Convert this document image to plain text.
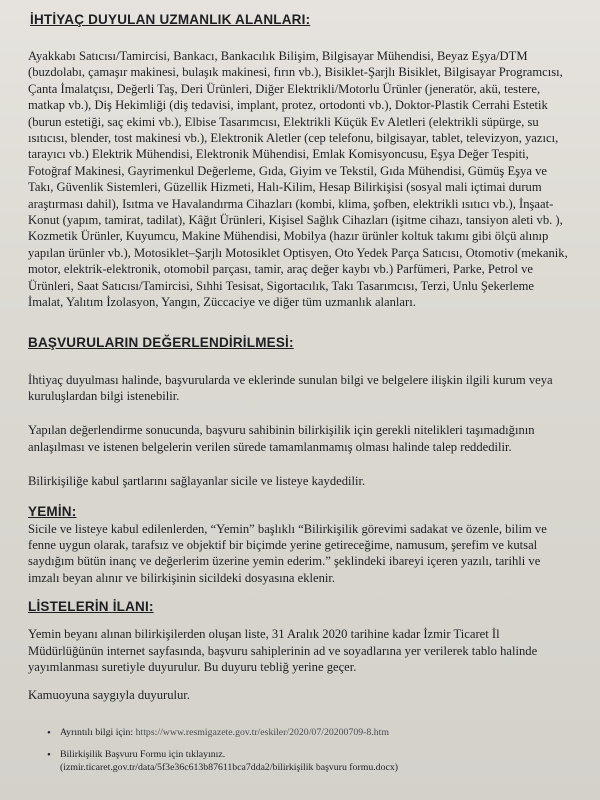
İHTİYAÇ DUYULAN UZMANLIK ALANLARI:

Ayakkabı Satıcısı/Tamircisi, Bankacı, Bankacılık Bilişim, Bilgisayar Mühendisi, Beyaz Eşya/DTM (buzdolabı, çamaşır makinesi, bulaşık makinesi, fırın vb.), Bisiklet-Şarjlı Bisiklet, Bilgisayar Programcısı, Çanta İmalatçısı, Değerli Taş, Deri Ürünleri, Diğer Elektrikli/Motorlu Ürünler (jeneratör, akü, testere, matkap vb.), Diş Hekimliği (diş tedavisi, implant, protez, ortodonti vb.), Doktor-Plastik Cerrahi Estetik (burun estetiği, saç ekimi vb.), Elbise Tasarımcısı, Elektrikli Küçük Ev Aletleri (elektrikli süpürge, su ısıtıcısı, blender, tost makinesi vb.), Elektronik Aletler (cep telefonu, bilgisayar, tablet, televizyon, yazıcı, tarayıcı vb.) Elektrik Mühendisi, Elektronik Mühendisi, Emlak Komisyoncusu, Eşya Değer Tespiti, Fotoğraf Makinesi, Gayrimenkul Değerleme, Gıda, Giyim ve Tekstil, Gıda Mühendisi, Gümüş Eşya ve Takı, Güvenlik Sistemleri, Güzellik Hizmeti, Halı-Kilim, Hesap Bilirkişisi (sosyal mali içtimai durum araştırması dahil), Isıtma ve Havalandırma Cihazları (kombi, klima, şofben, elektrikli ısıtıcı vb.), İnşaat-Konut (yapım, tamirat, tadilat), Kâğıt Ürünleri, Kişisel Sağlık Cihazları (işitme cihazı, tansiyon aleti vb. ), Kozmetik Ürünler, Kuyumcu, Makine Mühendisi, Mobilya (hazır ürünler koltuk takımı gibi ölçü alınıp yapılan ürünler vb.), Motosiklet–Şarjlı Motosiklet Optisyen, Oto Yedek Parça Satıcısı, Otomotiv (mekanik, motor, elektrik-elektronik, otomobil parçası, tamir, araç değer kaybı vb.) Parfümeri, Parke, Petrol ve Ürünleri, Saat Satıcısı/Tamircisi, Sıhhi Tesisat, Sigortacılık, Takı Tasarımcısı, Terzi, Unlu Şekerleme İmalat, Yalıtım İzolasyon, Yangın, Züccaciye ve diğer tüm uzmanlık alanları.

BAŞVURULARIN DEĞERLENDİRİLMESİ:

İhtiyaç duyulması halinde, başvurularda ve eklerinde sunulan bilgi ve belgelere ilişkin ilgili kurum veya kuruluşlardan bilgi istenebilir.

Yapılan değerlendirme sonucunda, başvuru sahibinin bilirkişilik için gerekli nitelikleri taşımadığının anlaşılması ve istenen belgelerin verilen sürede tamamlanmamış olması halinde talep reddedilir.

Bilirkişiliğe kabul şartlarını sağlayanlar sicile ve listeye kaydedilir.

YEMİN:

Sicile ve listeye kabul edilenlerden, “Yemin” başlıklı “Bilirkişilik görevimi sadakat ve özenle, bilim ve fenne uygun olarak, tarafsız ve objektif bir biçimde yerine getireceğime, namusum, şerefim ve kutsal saydığım bütün inanç ve değerlerim üzerine yemin ederim.” şeklindeki ibareyi içeren yazılı, tarihli ve imzalı beyan alınır ve bilirkişinin sicildeki dosyasına eklenir.

LİSTELERİN İLANI:

Yemin beyanı alınan bilirkişilerden oluşan liste, 31 Aralık 2020 tarihine kadar İzmir Ticaret İl Müdürlüğünün internet sayfasında, başvuru sahiplerinin ad ve soyadlarına yer verilerek tablo halinde yayımlanması suretiyle duyurulur. Bu duyuru tebliğ yerine geçer.

Kamuoyuna saygıyla duyurulur.

• Ayrıntılı bilgi için: https://www.resmigazete.gov.tr/eskiler/2020/07/20200709-8.htm
• Bilirkişilik Başvuru Formu için tıklayınız.
(izmir.ticaret.gov.tr/data/5f3e36c613b87611bca7dda2/bilirkişilik başvuru formu.docx)
